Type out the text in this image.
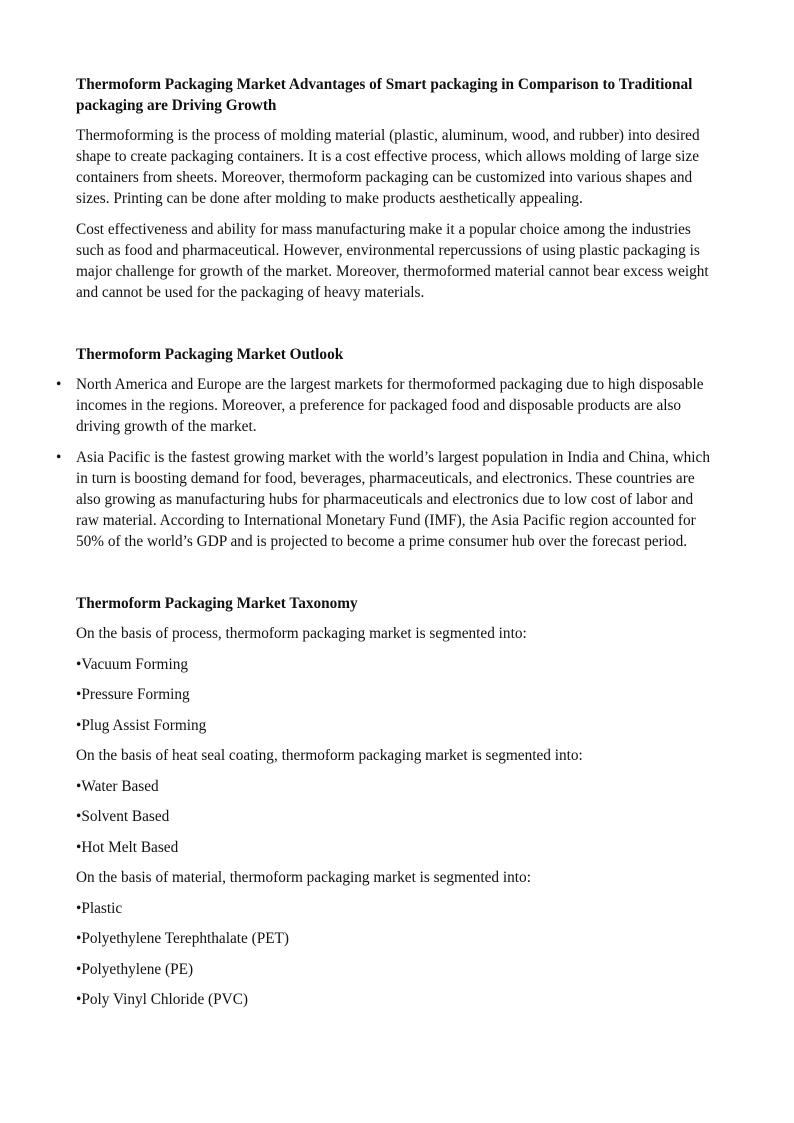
Thermoform Packaging Market Advantages of Smart packaging in Comparison to Traditional packaging are Driving Growth

Thermoforming is the process of molding material (plastic, aluminum, wood, and rubber) into desired shape to create packaging containers. It is a cost effective process, which allows molding of large size containers from sheets. Moreover, thermoform packaging can be customized into various shapes and sizes. Printing can be done after molding to make products aesthetically appealing.

Cost effectiveness and ability for mass manufacturing make it a popular choice among the industries such as food and pharmaceutical. However, environmental repercussions of using plastic packaging is major challenge for growth of the market. Moreover, thermoformed material cannot bear excess weight and cannot be used for the packaging of heavy materials.

Thermoform Packaging Market Outlook
• North America and Europe are the largest markets for thermoformed packaging due to high disposable incomes in the regions. Moreover, a preference for packaged food and disposable products are also driving growth of the market.
• Asia Pacific is the fastest growing market with the world’s largest population in India and China, which in turn is boosting demand for food, beverages, pharmaceuticals, and electronics. These countries are also growing as manufacturing hubs for pharmaceuticals and electronics due to low cost of labor and raw material. According to International Monetary Fund (IMF), the Asia Pacific region accounted for 50% of the world’s GDP and is projected to become a prime consumer hub over the forecast period.
Thermoform Packaging Market Taxonomy

On the basis of process, thermoform packaging market is segmented into:

•Vacuum Forming
•Pressure Forming
•Plug Assist Forming

On the basis of heat seal coating, thermoform packaging market is segmented into:

•Water Based
•Solvent Based
•Hot Melt Based

On the basis of material, thermoform packaging market is segmented into:

•Plastic
•Polyethylene Terephthalate (PET)
•Polyethylene (PE)
•Poly Vinyl Chloride (PVC)
